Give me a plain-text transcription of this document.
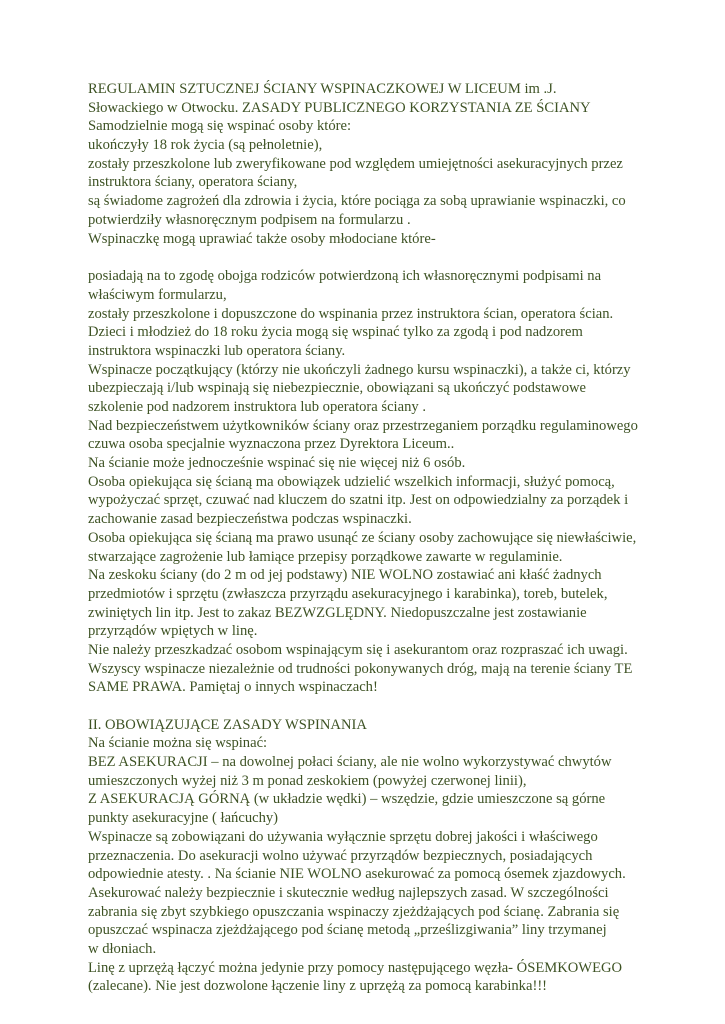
REGULAMIN SZTUCZNEJ ŚCIANY WSPINACZKOWEJ W LICEUM im .J.
Słowackiego w Otwocku. ZASADY PUBLICZNEGO KORZYSTANIA ZE ŚCIANY
Samodzielnie mogą się wspinać osoby które:
ukończyły 18 rok życia (są pełnoletnie),
zostały przeszkolone lub zweryfikowane pod względem umiejętności asekuracyjnych przez
instruktora ściany, operatora ściany,
są świadome zagrożeń dla zdrowia i życia, które pociąga za sobą uprawianie wspinaczki, co
potwierdziły własnoręcznym podpisem na formularzu .
Wspinaczkę mogą uprawiać także osoby młodociane które-
posiadają na to zgodę obojga rodziców potwierdzoną ich własnoręcznymi podpisami na
właściwym formularzu,
zostały przeszkolone i dopuszczone do wspinania przez instruktora ścian, operatora ścian.
Dzieci i młodzież do 18 roku życia mogą się wspinać tylko za zgodą i pod nadzorem
instruktora wspinaczki lub operatora ściany.
Wspinacze początkujący (którzy nie ukończyli żadnego kursu wspinaczki), a także ci, którzy
ubezpieczają i/lub wspinają się niebezpiecznie, obowiązani są ukończyć podstawowe
szkolenie pod nadzorem instruktora lub operatora ściany .
Nad bezpieczeństwem użytkowników ściany oraz przestrzeganiem porządku regulaminowego
czuwa osoba specjalnie wyznaczona przez Dyrektora Liceum..
Na ścianie może jednocześnie wspinać się nie więcej niż 6 osób.
Osoba opiekująca się ścianą ma obowiązek udzielić wszelkich informacji, służyć pomocą,
wypożyczać sprzęt, czuwać nad kluczem do szatni itp. Jest on odpowiedzialny za porządek i
zachowanie zasad bezpieczeństwa podczas wspinaczki.
Osoba opiekująca się ścianą ma prawo usunąć ze ściany osoby zachowujące się niewłaściwie,
stwarzające zagrożenie lub łamiące przepisy porządkowe zawarte w regulaminie.
Na zeskoku ściany (do 2 m od jej podstawy) NIE WOLNO zostawiać ani kłaść żadnych
przedmiotów i sprzętu (zwłaszcza przyrządu asekuracyjnego i karabinka), toreb, butelek,
zwiniętych lin itp. Jest to zakaz BEZWZGLĘDNY. Niedopuszczalne jest zostawianie
przyrządów wpiętych w linę.
Nie należy przeszkadzać osobom wspinającym się i asekurantom oraz rozpraszać ich uwagi.
Wszyscy wspinacze niezależnie od trudności pokonywanych dróg, mają na terenie ściany TE
SAME PRAWA. Pamiętaj o innych wspinaczach!
II. OBOWIĄZUJĄCE ZASADY WSPINANIA
Na ścianie można się wspinać:
BEZ ASEKURACJI – na dowolnej połaci ściany, ale nie wolno wykorzystywać chwytów
umieszczonych wyżej niż 3 m ponad zeskokiem (powyżej czerwonej linii),
Z ASEKURACJĄ GÓRNĄ (w układzie wędki) – wszędzie, gdzie umieszczone są górne
punkty asekuracyjne ( łańcuchy)
Wspinacze są zobowiązani do używania wyłącznie sprzętu dobrej jakości i właściwego
przeznaczenia. Do asekuracji wolno używać przyrządów bezpiecznych, posiadających
odpowiednie atesty. . Na ścianie NIE WOLNO asekurować za pomocą ósemek zjazdowych.
Asekurować należy bezpiecznie i skutecznie według najlepszych zasad. W szczególności
zabrania się zbyt szybkiego opuszczania wspinaczy zjeżdżających pod ścianę. Zabrania się
opuszczać wspinacza zjeżdżającego pod ścianę metodą „prześlizgiwania” liny trzymanej
w dłoniach.
Linę z uprzężą łączyć można jedynie przy pomocy następującego węzła- ÓSEMKOWEGO
(zalecane). Nie jest dozwolone łączenie liny z uprzężą za pomocą karabinka!!!
